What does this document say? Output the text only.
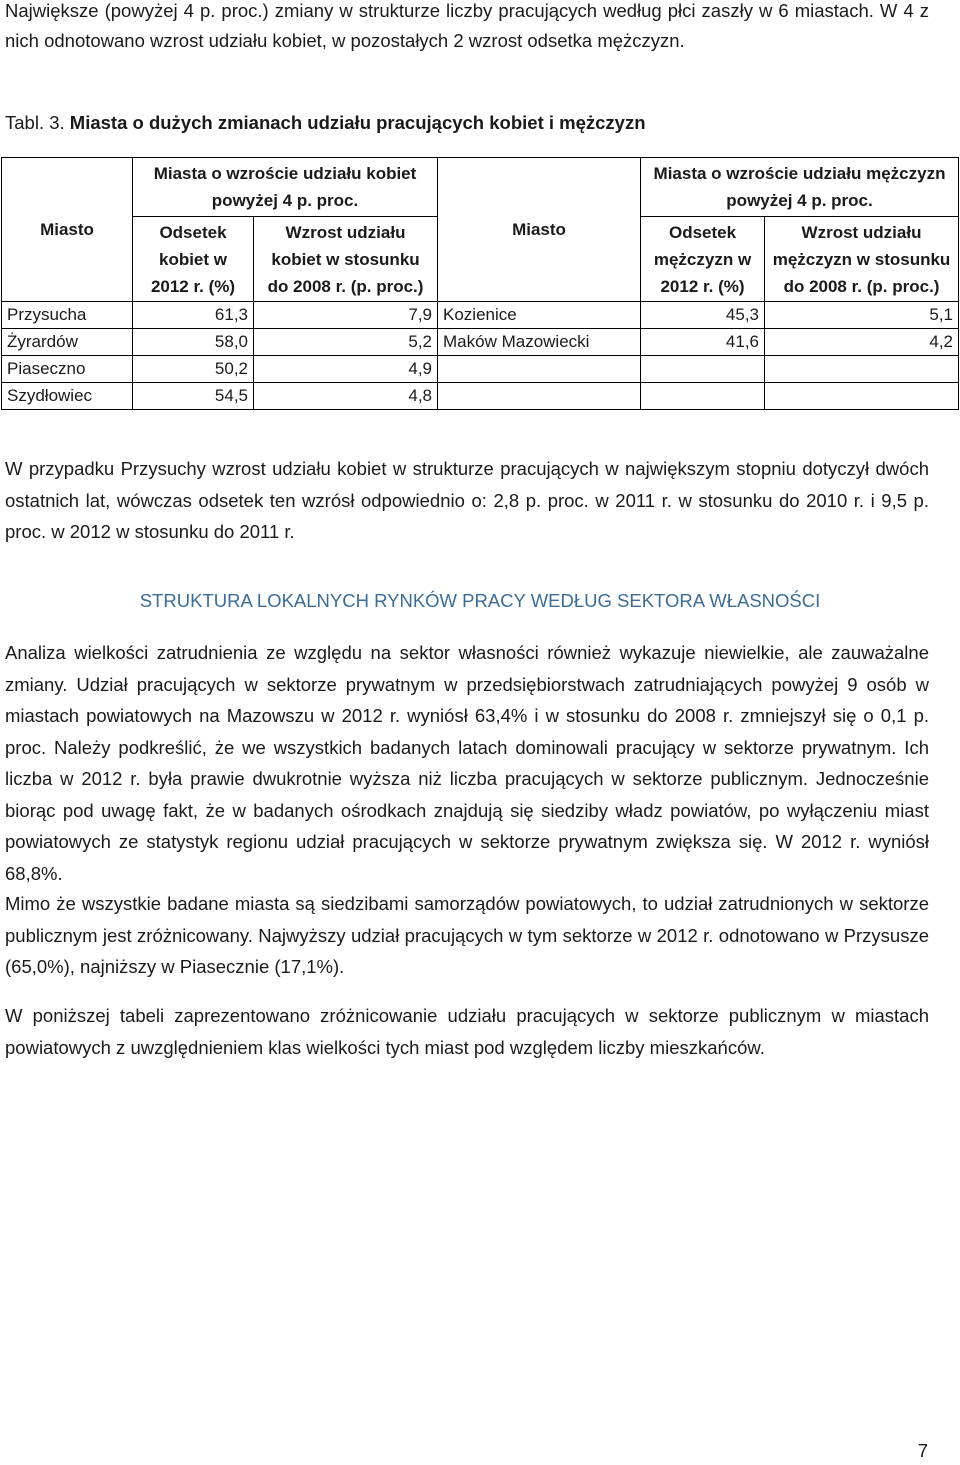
Największe (powyżej 4 p. proc.) zmiany w strukturze liczby pracujących według płci zaszły w 6 miastach. W 4 z nich odnotowano wzrost udziału kobiet, w pozostałych 2 wzrost odsetka mężczyzn.

Tabl. 3. Miasta o dużych zmianach udziału pracujących kobiet i mężczyzn
Miasto	Miasta o wzroście udziału kobiet powyżej 4 p. proc.		Miasto	Miasta o wzroście udziału mężczyzn powyżej 4 p. proc.	
	Odsetek kobiet w 2012 r. (%)	Wzrost udziału kobiet w stosunku do 2008 r. (p. proc.)		Odsetek mężczyzn w 2012 r. (%)	Wzrost udziału mężczyzn w stosunku do 2008 r. (p. proc.)
Przysucha	61,3	7,9	Kozienice	45,3	5,1
Żyrardów	58,0	5,2	Maków Mazowiecki	41,6	4,2
Piaseczno	50,2	4,9			
Szydłowiec	54,5	4,8			

W przypadku Przysuchy wzrost udziału kobiet w strukturze pracujących w największym stopniu dotyczył dwóch ostatnich lat, wówczas odsetek ten wzrósł odpowiednio o: 2,8 p. proc. w 2011 r. w stosunku do 2010 r. i 9,5 p. proc. w 2012 w stosunku do 2011 r.

STRUKTURA LOKALNYCH RYNKÓW PRACY WEDŁUG SEKTORA WŁASNOŚCI

Analiza wielkości zatrudnienia ze względu na sektor własności również wykazuje niewielkie, ale zauważalne zmiany. Udział pracujących w sektorze prywatnym w przedsiębiorstwach zatrudniających powyżej 9 osób w miastach powiatowych na Mazowszu w 2012 r. wyniósł 63,4% i w stosunku do 2008 r. zmniejszył się o 0,1 p. proc. Należy podkreślić, że we wszystkich badanych latach dominowali pracujący w sektorze prywatnym. Ich liczba w 2012 r. była prawie dwukrotnie wyższa niż liczba pracujących w sektorze publicznym. Jednocześnie biorąc pod uwagę fakt, że w badanych ośrodkach znajdują się siedziby władz powiatów, po wyłączeniu miast powiatowych ze statystyk regionu udział pracujących w sektorze prywatnym zwiększa się. W 2012 r. wyniósł 68,8%.

Mimo że wszystkie badane miasta są siedzibami samorządów powiatowych, to udział zatrudnionych w sektorze publicznym jest zróżnicowany. Najwyższy udział pracujących w tym sektorze w 2012 r. odnotowano w Przysusze (65,0%), najniższy w Piasecznie (17,1%).

W poniższej tabeli zaprezentowano zróżnicowanie udziału pracujących w sektorze publicznym w miastach powiatowych z uwzględnieniem klas wielkości tych miast pod względem liczby mieszkańców.

7
